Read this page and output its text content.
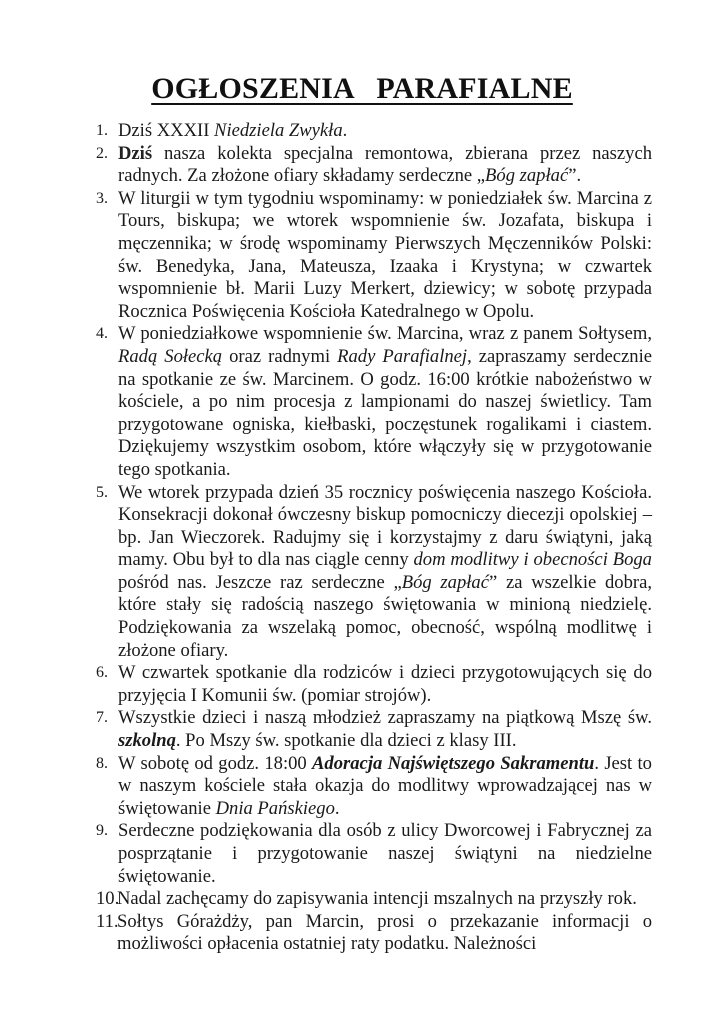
OGŁOSZENIA   PARAFIALNE
1. Dziś XXXII Niedziela Zwykła.
2. Dziś nasza kolekta specjalna remontowa, zbierana przez naszych radnych. Za złożone ofiary składamy serdeczne „Bóg zapłać”.
3. W liturgii w tym tygodniu wspominamy: w poniedziałek św. Marcina z Tours, biskupa; we wtorek wspomnienie św. Jozafata, biskupa i męczennika; w środę wspominamy Pierwszych Męczenników Polski: św. Benedyka, Jana, Mateusza, Izaaka i Krystyna; w czwartek wspomnienie bł. Marii Luzy Merkert, dziewicy; w sobotę przypada Rocznica Poświęcenia Kościoła Katedralnego w Opolu.
4. W poniedziałkowe wspomnienie św. Marcina, wraz z panem Sołtysem, Radą Sołecką oraz radnymi Rady Parafialnej, zapraszamy serdecznie na spotkanie ze św. Marcinem. O godz. 16:00 krótkie nabożeństwo w kościele, a po nim procesja z lampionami do naszej świetlicy. Tam przygotowane ogniska, kiełbaski, poczęstunek rogalikami i ciastem. Dziękujemy wszystkim osobom, które włączyły się w przygotowanie tego spotkania.
5. We wtorek przypada dzień 35 rocznicy poświęcenia naszego Kościoła. Konsekracji dokonał ówczesny biskup pomocniczy diecezji opolskiej – bp. Jan Wieczorek. Radujmy się i korzystajmy z daru świątyni, jaką mamy. Obu był to dla nas ciągle cenny dom modlitwy i obecności Boga pośród nas. Jeszcze raz serdeczne „Bóg zapłać” za wszelkie dobra, które stały się radością naszego świętowania w minioną niedzielę. Podziękowania za wszelaką pomoc, obecność, wspólną modlitwę i złożone ofiary.
6. W czwartek spotkanie dla rodziców i dzieci przygotowujących się do przyjęcia I Komunii św. (pomiar strojów).
7. Wszystkie dzieci i naszą młodzież zapraszamy na piątkową Mszę św. szkolną. Po Mszy św. spotkanie dla dzieci z klasy III.
8. W sobotę od godz. 18:00 Adoracja Najświętszego Sakramentu. Jest to w naszym kościele stała okazja do modlitwy wprowadzającej nas w świętowanie Dnia Pańskiego.
9. Serdeczne podziękowania dla osób z ulicy Dworcowej i Fabrycznej za posprzątanie i przygotowanie naszej świątyni na niedzielne świętowanie.
10.
Nadal zachęcamy do zapisywania intencji mszalnych na przyszły rok.
11.
Sołtys Górażdży, pan Marcin, prosi o przekazanie informacji o możliwości opłacenia ostatniej raty podatku. Należności
